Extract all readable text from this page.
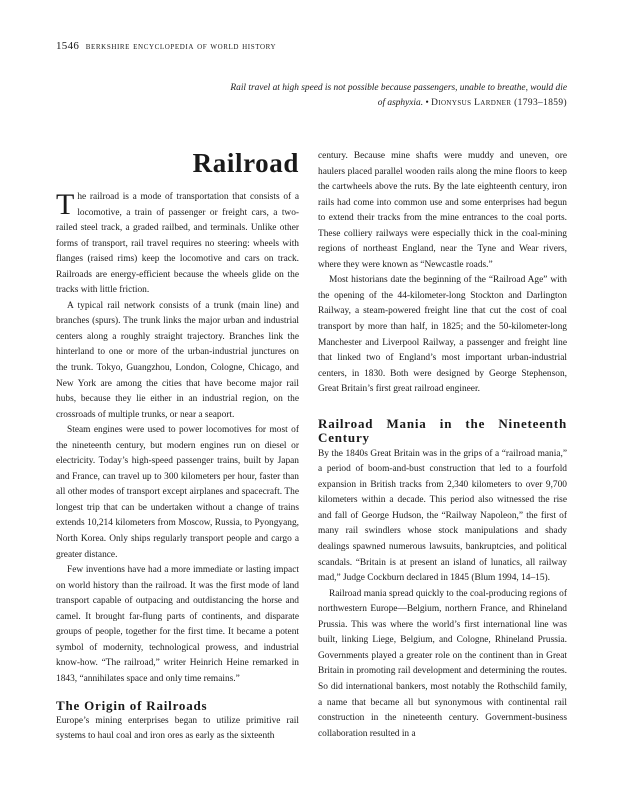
1546 berkshire encyclopedia of world history
Rail travel at high speed is not possible because passengers, unable to breathe, would die of asphyxia. • Dionysus Lardner (1793–1859)
Railroad

The railroad is a mode of transportation that consists of a locomotive, a train of passenger or freight cars, a two-railed steel track, a graded railbed, and terminals. Unlike other forms of transport, rail travel requires no steering: wheels with flanges (raised rims) keep the locomotive and cars on track. Railroads are energy-efficient because the wheels glide on the tracks with little friction.

A typical rail network consists of a trunk (main line) and branches (spurs). The trunk links the major urban and industrial centers along a roughly straight trajectory. Branches link the hinterland to one or more of the urban-industrial junctures on the trunk. Tokyo, Guangzhou, London, Cologne, Chicago, and New York are among the cities that have become major rail hubs, because they lie either in an industrial region, on the crossroads of multiple trunks, or near a seaport.

Steam engines were used to power locomotives for most of the nineteenth century, but modern engines run on diesel or electricity. Today’s high-speed passenger trains, built by Japan and France, can travel up to 300 kilometers per hour, faster than all other modes of transport except airplanes and spacecraft. The longest trip that can be undertaken without a change of trains extends 10,214 kilometers from Moscow, Russia, to Pyongyang, North Korea. Only ships regularly transport people and cargo a greater distance.

Few inventions have had a more immediate or lasting impact on world history than the railroad. It was the first mode of land transport capable of outpacing and outdistancing the horse and camel. It brought far-flung parts of continents, and disparate groups of people, together for the first time. It became a potent symbol of modernity, technological prowess, and industrial know-how. “The railroad,” writer Heinrich Heine remarked in 1843, “annihilates space and only time remains.”

The Origin of Railroads

Europe’s mining enterprises began to utilize primitive rail systems to haul coal and iron ores as early as the sixteenth

century. Because mine shafts were muddy and uneven, ore haulers placed parallel wooden rails along the mine floors to keep the cartwheels above the ruts. By the late eighteenth century, iron rails had come into common use and some enterprises had begun to extend their tracks from the mine entrances to the coal ports. These colliery railways were especially thick in the coal-mining regions of northeast England, near the Tyne and Wear rivers, where they were known as “Newcastle roads.”

Most historians date the beginning of the “Railroad Age” with the opening of the 44-kilometer-long Stockton and Darlington Railway, a steam-powered freight line that cut the cost of coal transport by more than half, in 1825; and the 50-kilometer-long Manchester and Liverpool Railway, a passenger and freight line that linked two of England’s most important urban-industrial centers, in 1830. Both were designed by George Stephenson, Great Britain’s first great railroad engineer.

Railroad Mania in the Nineteenth Century

By the 1840s Great Britain was in the grips of a “railroad mania,” a period of boom-and-bust construction that led to a fourfold expansion in British tracks from 2,340 kilometers to over 9,700 kilometers within a decade. This period also witnessed the rise and fall of George Hudson, the “Railway Napoleon,” the first of many rail swindlers whose stock manipulations and shady dealings spawned numerous lawsuits, bankruptcies, and political scandals. “Britain is at present an island of lunatics, all railway mad,” Judge Cockburn declared in 1845 (Blum 1994, 14–15).

Railroad mania spread quickly to the coal-producing regions of northwestern Europe—Belgium, northern France, and Rhineland Prussia. This was where the world’s first international line was built, linking Liege, Belgium, and Cologne, Rhineland Prussia. Governments played a greater role on the continent than in Great Britain in promoting rail development and determining the routes. So did international bankers, most notably the Rothschild family, a name that became all but synonymous with continental rail construction in the nineteenth century. Government-business collaboration resulted in a
